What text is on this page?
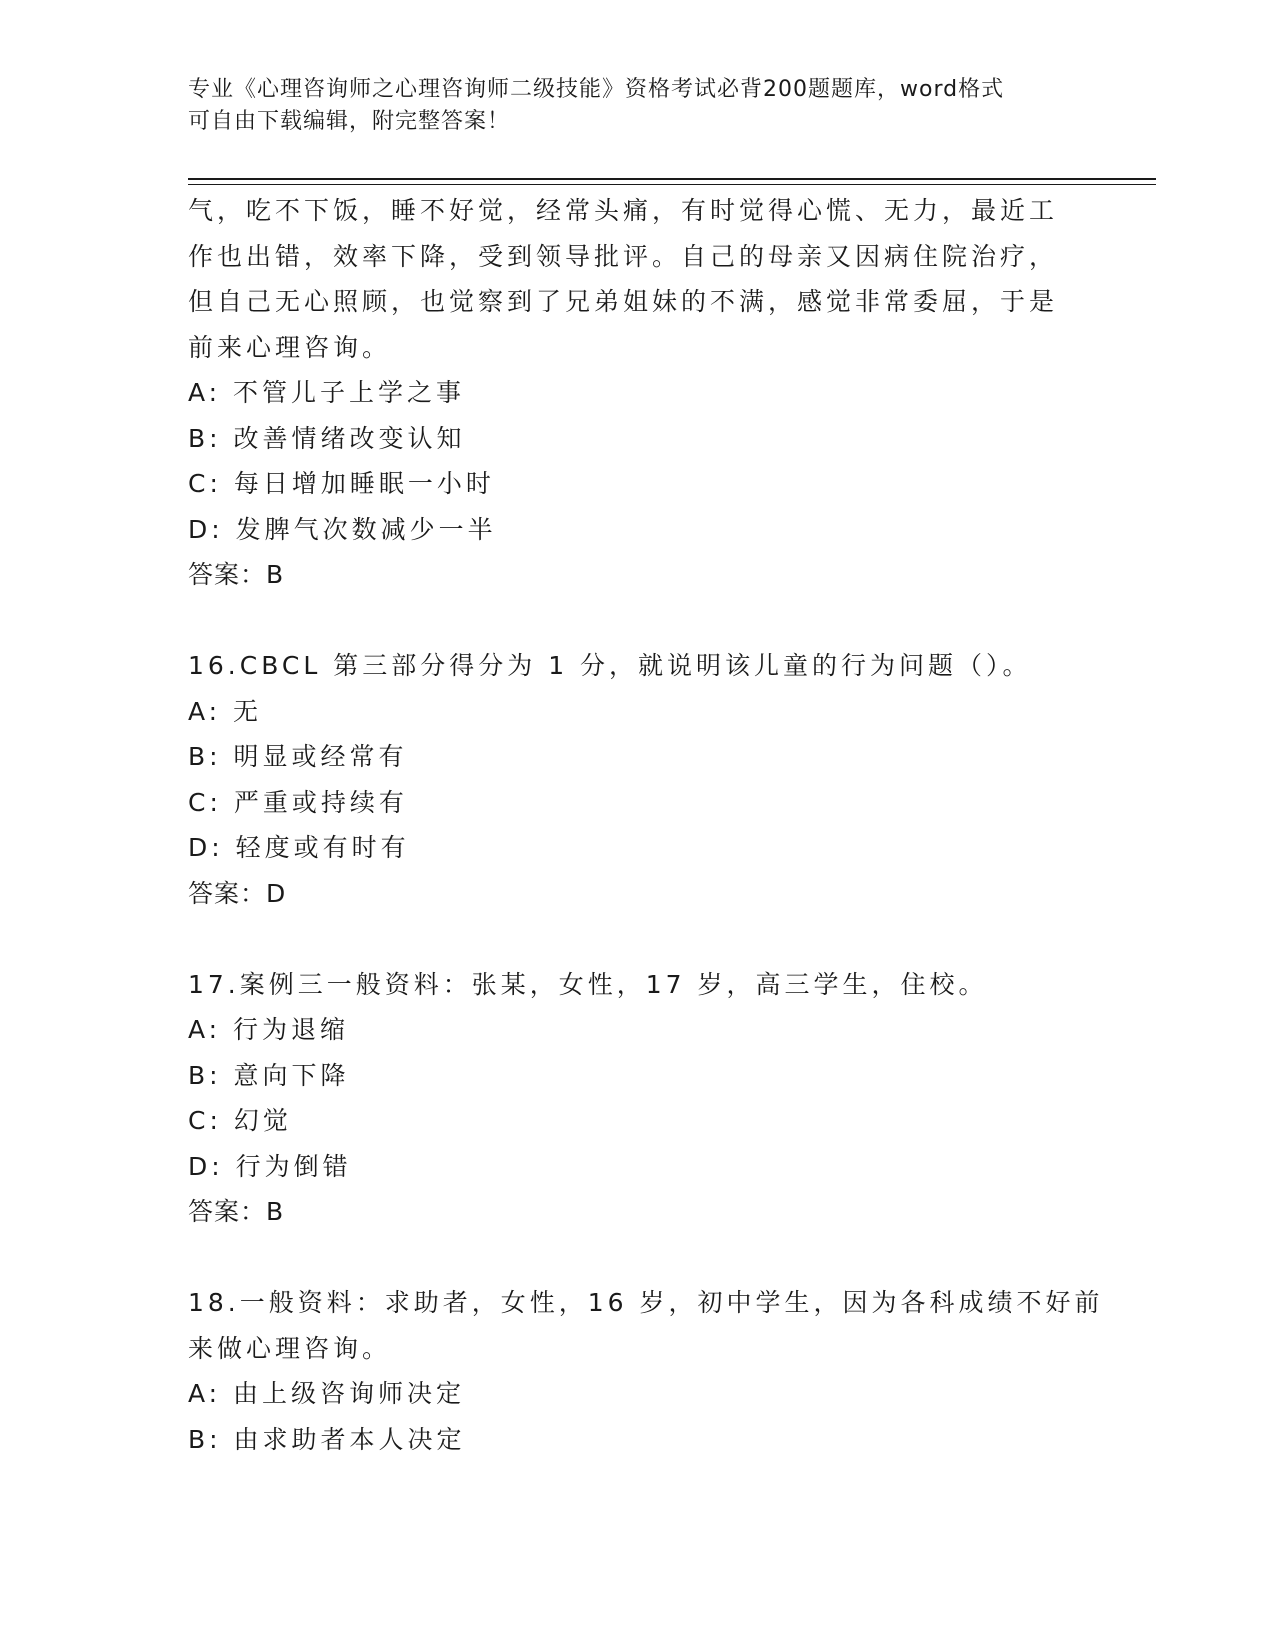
专业《心理咨询师之心理咨询师二级技能》资格考试必背200题题库，word格式
可自由下载编辑，附完整答案！
气，吃不下饭，睡不好觉，经常头痛，有时觉得心慌、无力，最近工
作也出错，效率下降，受到领导批评。自己的母亲又因病住院治疗，
但自己无心照顾，也觉察到了兄弟姐妹的不满，感觉非常委屈，于是
前来心理咨询。
A: 不管儿子上学之事
B: 改善情绪改变认知
C: 每日增加睡眠一小时
D: 发脾气次数减少一半
答案：B
16.CBCL 第三部分得分为 1 分，就说明该儿童的行为问题（）。
A: 无
B: 明显或经常有
C: 严重或持续有
D: 轻度或有时有
答案：D
17.案例三一般资料：张某，女性，17 岁，高三学生，住校。
A: 行为退缩
B: 意向下降
C: 幻觉
D: 行为倒错
答案：B
18.一般资料：求助者，女性，16 岁，初中学生，因为各科成绩不好前
来做心理咨询。
A: 由上级咨询师决定
B: 由求助者本人决定
